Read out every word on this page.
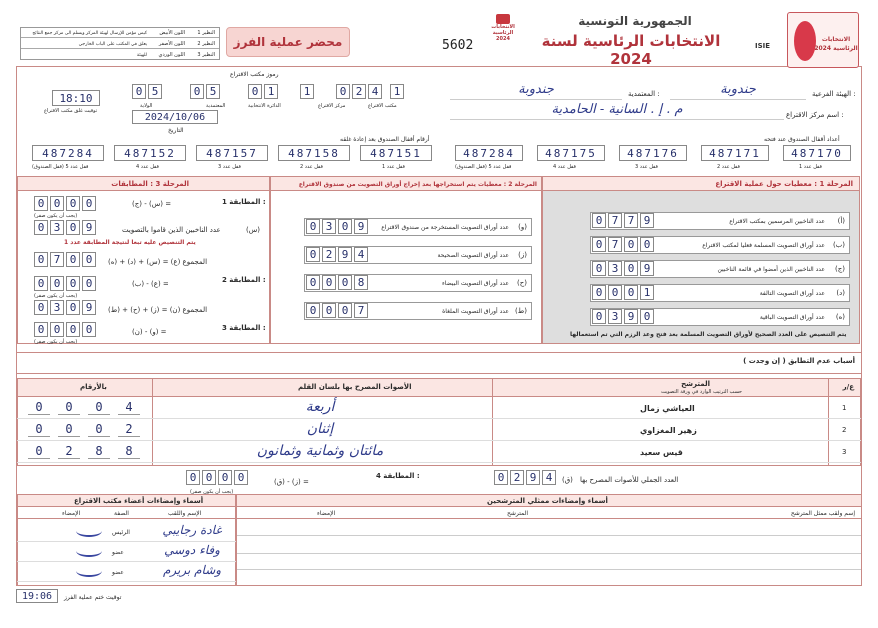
الانتخابات الرئاسية 2024
ISIE
الجمهورية التونسية
الانتخابات الرئاسية لسنة 2024
الانتخابات الرئاسية 2024
5602
محضر عملية الفرز
النظير 1
اللون الأبيض
كيس مؤمن للإرسال لهيئة المركز ويسلم الى مركز جمع النتائج
النظير 2
اللون الأصفر
يعلق في المكتب على الباب الخارجي
النظير 3
اللون الوردي
للهيئة
رموز مكتب الاقتراع
0 5	0 5	0 1	1	0 2 4	1
مكتب الاقتراع
مركز الاقتراع
الدائرة الانتخابية
المعتمدية
الولاية
18:10
توقيت غلق مكتب الاقتراع
2024/10/06
التاريخ
الهيئة الفرعية :
جندوبة
المعتمدية :
جندوبة
اسم مركز الاقتراع :
م . إ . السانية - الحامدية
أرقام أقفال الصندوق بعد إعادة غلقه	أعداد أقفال الصندوق عند فتحه
487284	487152	487157	487158	487151
قفل عدد 5 (قفل الصندوق)	قفل عدد 4	قفل عدد 3	قفل عدد 2	قفل عدد 1
487284	487175	487176	487171	487170
قفل عدد 5 (قفل الصندوق)	قفل عدد 4	قفل عدد 3	قفل عدد 2	قفل عدد 1
المرحلة 1 : معطيات حول عملية الاقتراع
(أ)
عدد الناخبين المرسمين بمكتب الاقتراع
0 7 7 9
(ب)
عدد أوراق التصويت المسلمة فعليا لمكتب الاقتراع
0 7 0 0
(ج)
عدد الناخبين الذين أمضوا في قائمة الناخبين
0 3 0 9
(د)
عدد أوراق التصويت التالفة
0 0 0 1
(ه)
عدد أوراق التصويت الباقية
0 3 9 0
يتم التنصيص على العدد الصحيح لأوراق التصويت المسلمة بعد فتح وعد الرزم التي تم استعمالها
المرحلة 2 : معطيات يتم استخراجها بعد إخراج أوراق التصويت من صندوق الاقتراع
(و)
عدد أوراق التصويت المستخرجة من صندوق الاقتراع
0 3 0 9
(ز)
عدد أوراق التصويت الصحيحة
0 2 9 4
(ح)
عدد أوراق التصويت البيضاء
0 0 0 8
(ط)
عدد أوراق التصويت الملغاة
0 0 0 7
المرحلة 3 : المطابقات
المطابقة 1 :
(ج) - (س) =
(يجب أن يكون صفر)
0 0 0 0
عدد الناخبين الذين قاموا بالتصويت	(س)
0 3 0 9
يتم التنصيص عليه تبعا لنتيجة المطابقة عدد 1
المجموع (ع) = (س) + (د) + (ه)
0 7 0 0
المطابقة 2 :
(ب) - (ع) =
0 0 0 0
(يجب أن يكون صفر)
المجموع (ن) = (ز) + (ح) + (ط)
0 3 0 9
المطابقة 3 :
(ن) - (و) =
0 0 0 0
(يجب أن يكون صفر)
أسباب عدم التطابق ( إن وجدت )
ع/ر
المترشح
حسب الترتيب الوارد في ورقة التصويت
الأصوات المصرح بها بلسان القلم
بالأرقام
1
العياشي زمال
أربعة
0	0	0	4
2
زهير المغزاوي
إثنان
0	0	0	2
3
قيس سعيد
مائتان وثمانية وثمانون
0	2	8	8
العدد الجملي للأصوات المصرح بها
(ق)
0 2 9 4
المطابقة 4 :
(ق) - (ز) =
0 0 0 0
(يجب أن يكون صفر)
أسماء وإمضاءات ممثلي المترشحين
إسم ولقب ممثل المترشح
المترشح
الإمضاء
أسماء وإمضاءات أعضاء مكتب الاقتراع
الإسم واللقب
الصفة
الإمضاء
غادة رجايبي
الرئيس
وفاء دوسي
عضو
وشام بريرم
عضو
19:06	توقيت ختم عملية الفرز
